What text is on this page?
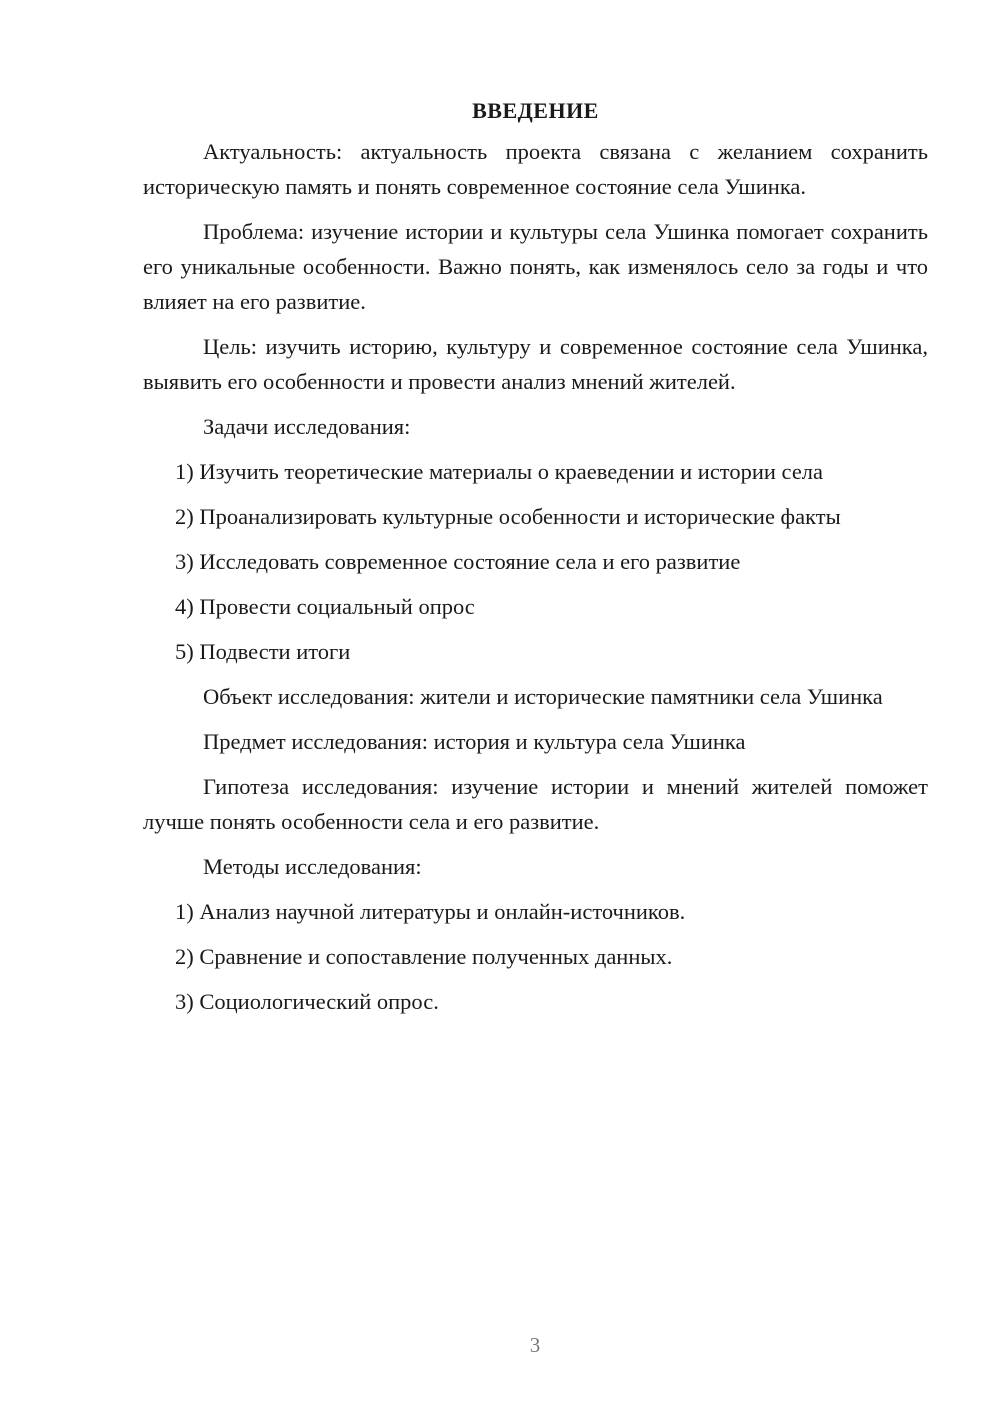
ВВЕДЕНИЕ

Актуальность: актуальность проекта связана с желанием сохранить историческую память и понять современное состояние села Ушинка.

Проблема: изучение истории и культуры села Ушинка помогает сохранить его уникальные особенности. Важно понять, как изменялось село за годы и что влияет на его развитие.

Цель: изучить историю, культуру и современное состояние села Ушинка, выявить его особенности и провести анализ мнений жителей.

Задачи исследования:

1) Изучить теоретические материалы о краеведении и истории села
2) Проанализировать культурные особенности и исторические факты
3) Исследовать современное состояние села и его развитие
4) Провести социальный опрос
5) Подвести итоги

Объект исследования: жители и исторические памятники села Ушинка

Предмет исследования: история и культура села Ушинка

Гипотеза исследования: изучение истории и мнений жителей поможет лучше понять особенности села и его развитие.

Методы исследования:

1) Анализ научной литературы и онлайн-источников.
2) Сравнение и сопоставление полученных данных.
3) Социологический опрос.
3
